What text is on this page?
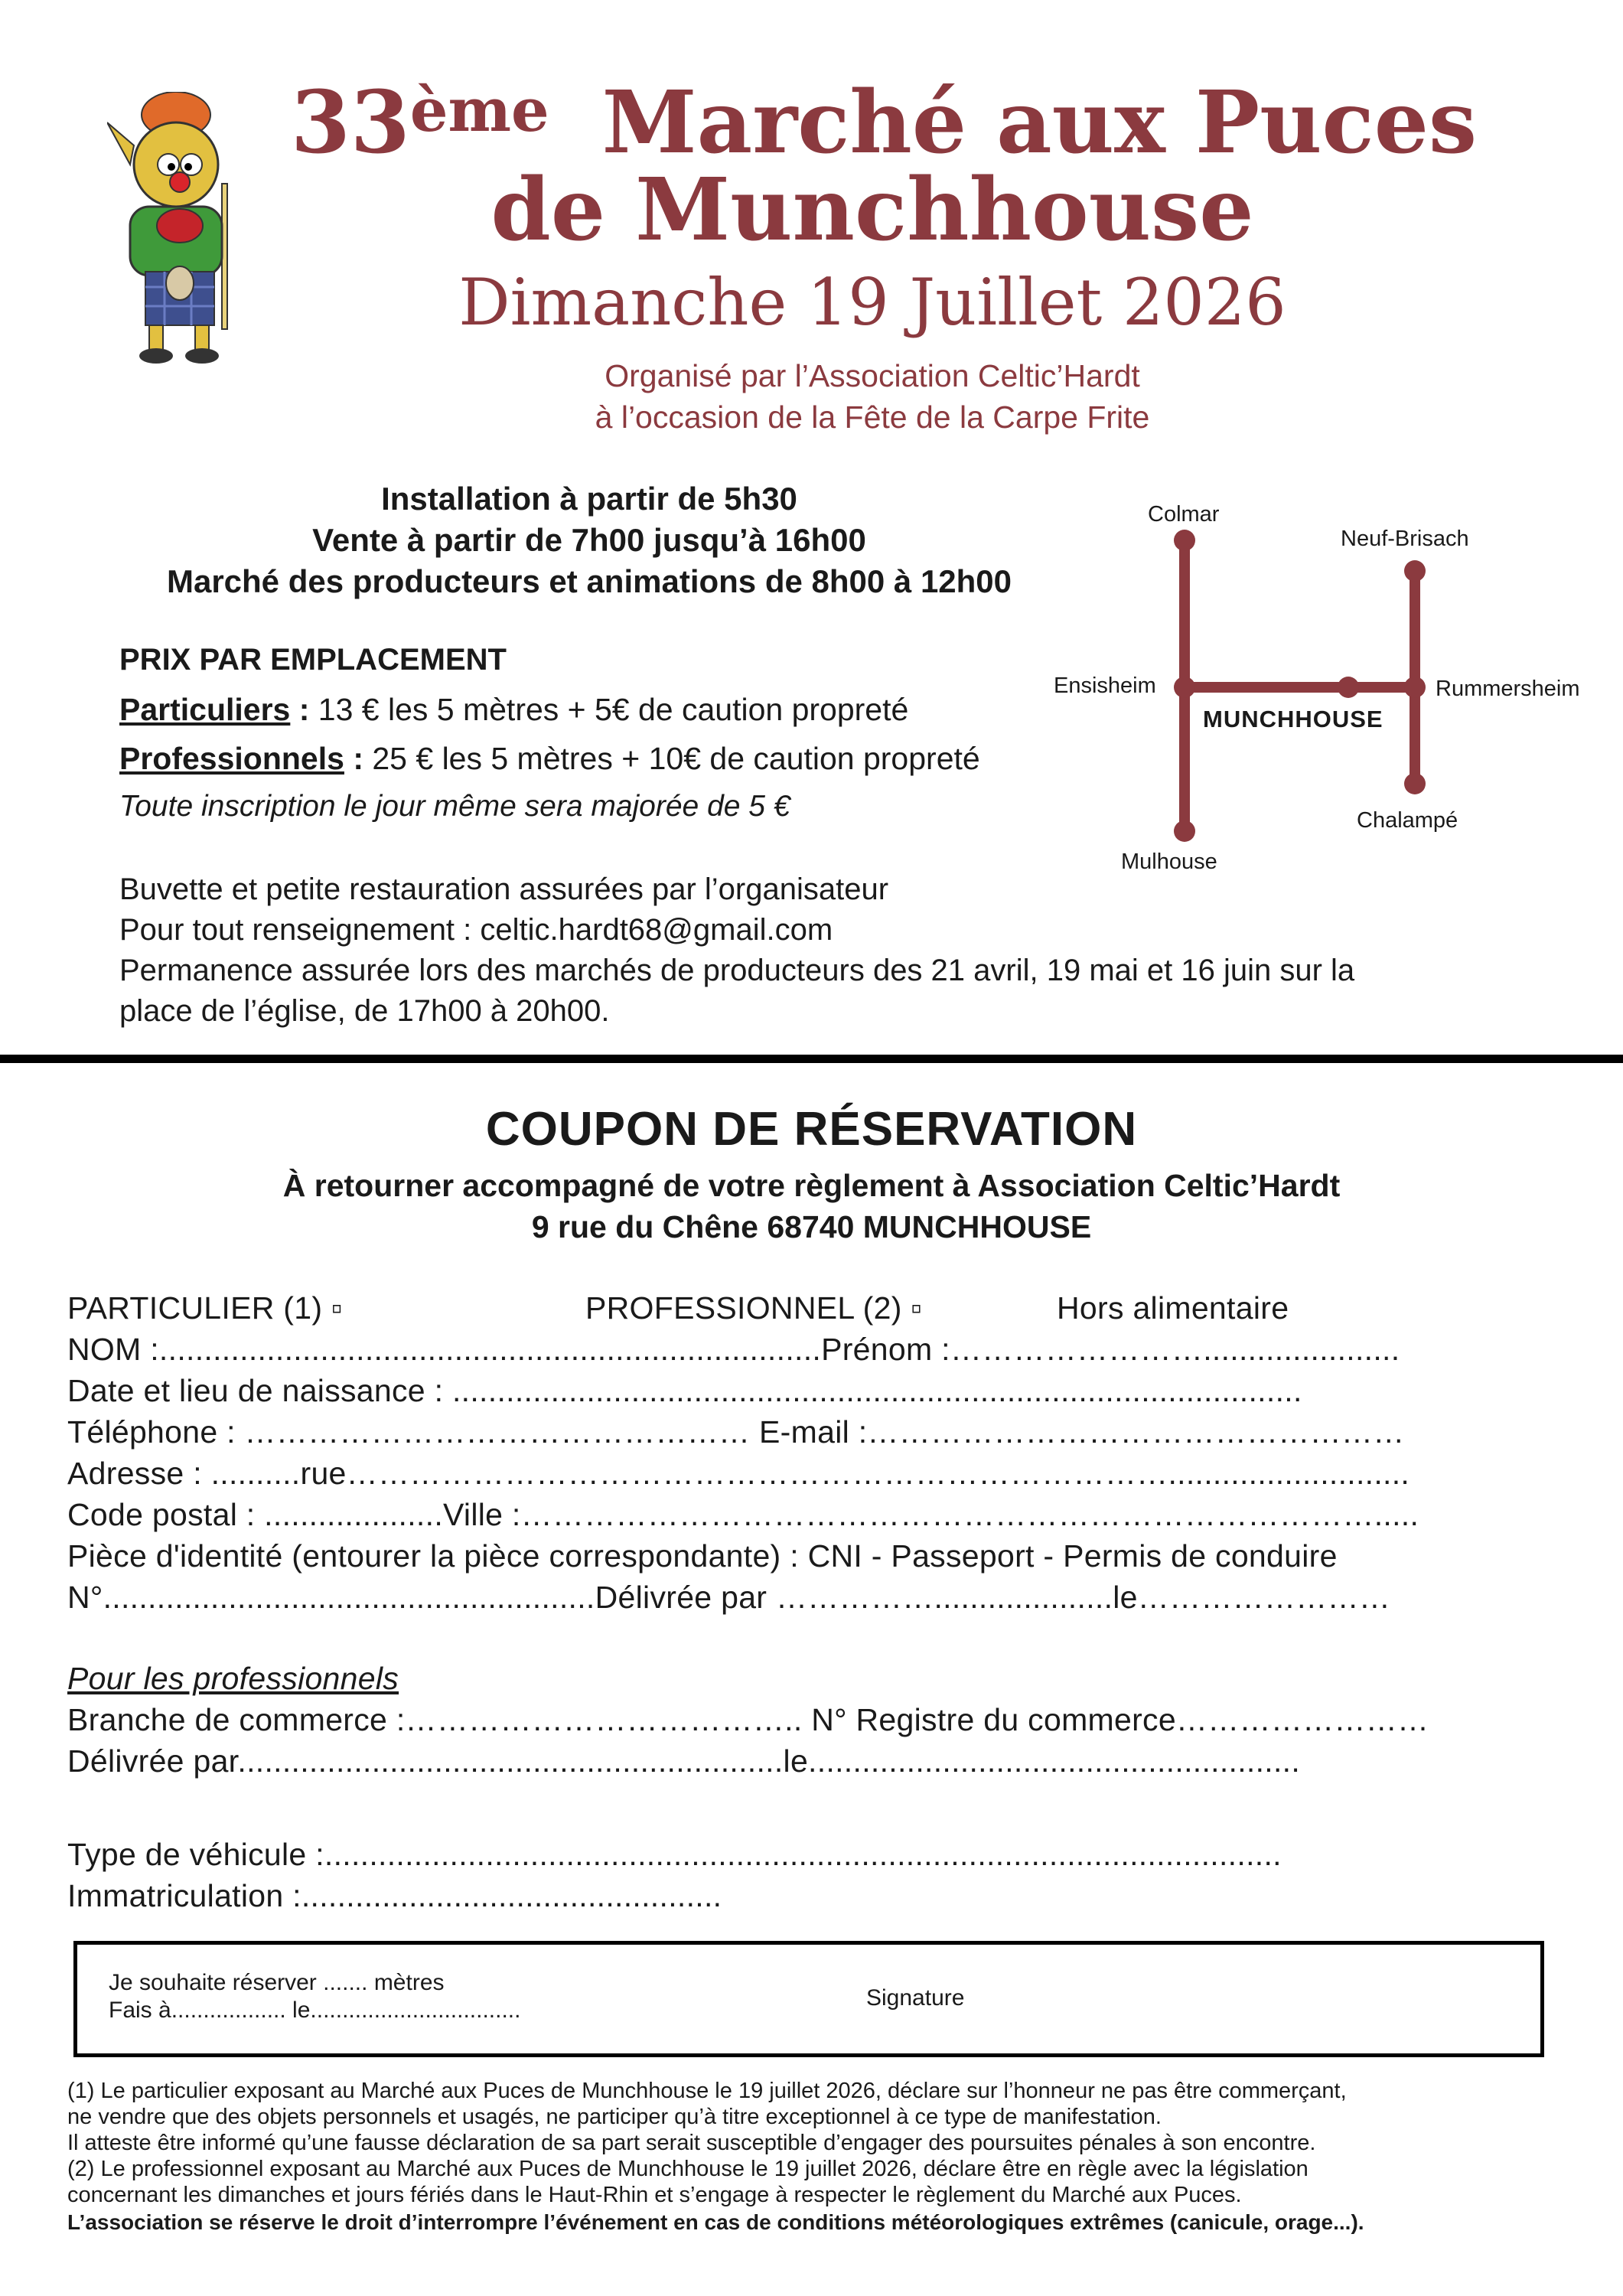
33ème Marché aux Puces
de Munchhouse
Dimanche 19 Juillet 2026
Organisé par l’Association Celtic’Hardt
à l’occasion de la Fête de la Carpe Frite
Installation à partir de 5h30
Vente à partir de 7h00 jusqu’à 16h00
Marché des producteurs et animations de 8h00 à 12h00
PRIX PAR EMPLACEMENT
Particuliers : 13 € les 5 mètres + 5€ de caution propreté
Professionnels : 25 € les 5 mètres + 10€ de caution propreté
Toute inscription le jour même sera majorée de 5 €
Buvette et petite restauration assurées par l’organisateur
Pour tout renseignement : celtic.hardt68@gmail.com
Permanence assurée lors des marchés de producteurs des 21 avril, 19 mai et 16 juin sur la
place de l’église, de 17h00 à 20h00.
Colmar
Neuf-Brisach
Ensisheim	Rummersheim
MUNCHHOUSE
Chalampé
Mulhouse
COUPON DE RÉSERVATION
À retourner accompagné de votre règlement à Association Celtic’Hardt
9 rue du Chêne 68740 MUNCHHOUSE
PARTICULIER (1) ▫	PROFESSIONNEL (2) ▫	Hors alimentaire
NOM :..........................................................................Prénom :……………………......................
Date et lieu de naissance : ...............................................................................................
Téléphone : ………………………………………… E-mail :……………………………………………
Adresse : ..........rue……………………………………………………………………...........................
Code postal : ....................Ville :……………………………………………………………………….....
Pièce d'identité (entourer la pièce correspondante) : CNI - Passeport - Permis de conduire
N°.......................................................Délivrée par ……………....................le……………………
Pour les professionnels
Branche de commerce :……………………………….. N° Registre du commerce……………………
Délivrée par.............................................................le.......................................................
Type de véhicule :...........................................................................................................
Immatriculation :...............................................
Je souhaite réserver ....... mètres
Fais à.................. le.................................	Signature
(1) Le particulier exposant au Marché aux Puces de Munchhouse le 19 juillet 2026, déclare sur l’honneur ne pas être commerçant,
ne vendre que des objets personnels et usagés, ne participer qu’à titre exceptionnel à ce type de manifestation.
Il atteste être informé qu’une fausse déclaration de sa part serait susceptible d’engager des poursuites pénales à son encontre.
(2) Le professionnel exposant au Marché aux Puces de Munchhouse le 19 juillet 2026, déclare être en règle avec la législation
concernant les dimanches et jours fériés dans le Haut-Rhin et s’engage à respecter le règlement du Marché aux Puces.
L’association se réserve le droit d’interrompre l’événement en cas de conditions météorologiques extrêmes (canicule, orage...).
